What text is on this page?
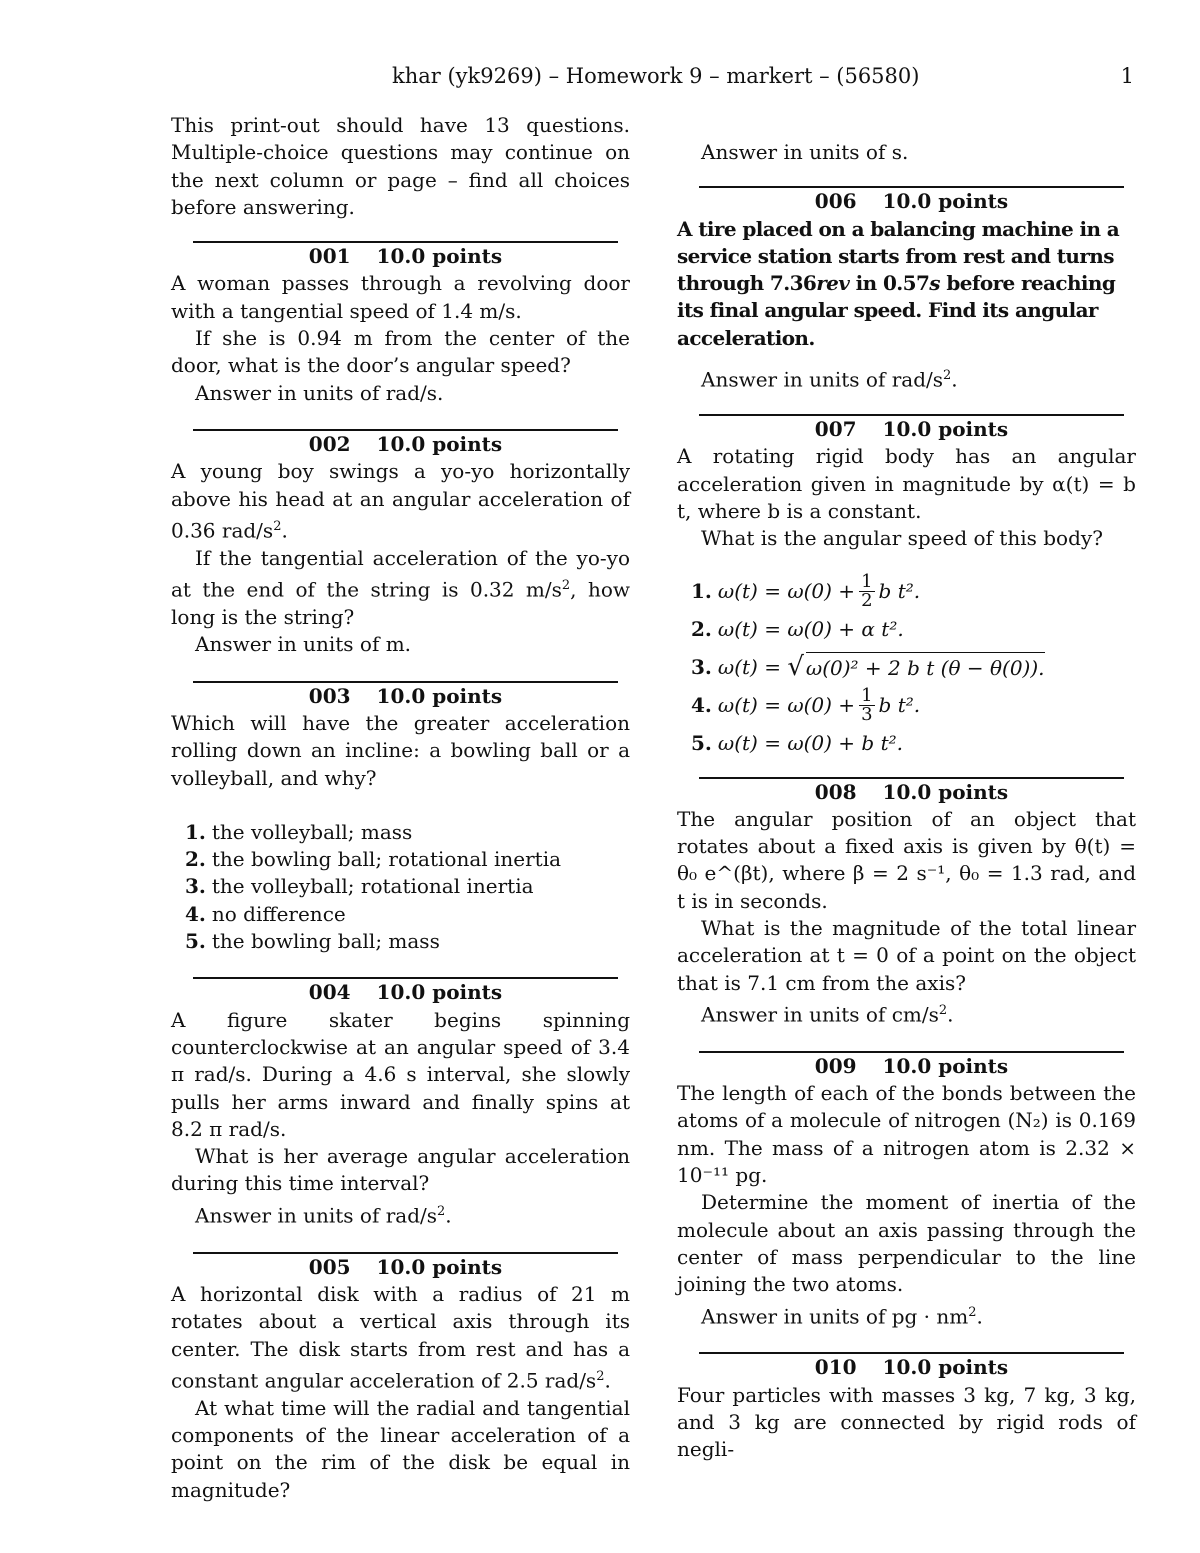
khar (yk9269) – Homework 9 – markert – (56580)	1

This print-out should have 13 questions. Multiple-choice questions may continue on the next column or page – find all choices before answering.

001 10.0 points

A woman passes through a revolving door with a tangential speed of 1.4 m/s.

If she is 0.94 m from the center of the door, what is the door’s angular speed?

Answer in units of rad/s.

002 10.0 points

A young boy swings a yo-yo horizontally above his head at an angular acceleration of 0.36 rad/$s^2$.

If the tangential acceleration of the yo-yo at the end of the string is 0.32 $m/s^2$, how long is the string?

Answer in units of m.

003 10.0 points

Which will have the greater acceleration rolling down an incline: a bowling ball or a volleyball, and why?

1. the volleyball; mass
2. the bowling ball; rotational inertia
3. the volleyball; rotational inertia
4. no difference
5. the bowling ball; mass
004 10.0 points

A figure skater begins spinning counterclockwise at an angular speed of 3.4 π rad/s. During a 4.6 s interval, she slowly pulls her arms inward and finally spins at 8.2 π rad/s.

What is her average angular acceleration during this time interval?

Answer in units of rad/$s^2$.

005 10.0 points

A horizontal disk with a radius of 21 m rotates about a vertical axis through its center. The disk starts from rest and has a constant angular acceleration of 2.5 rad/$s^2$.

At what time will the radial and tangential components of the linear acceleration of a point on the rim of the disk be equal in magnitude?

Answer in units of s.

006 10.0 points

A tire placed on a balancing machine in a service station starts from rest and turns through 7.36rev in 0.57s before reaching its final angular speed. Find its angular acceleration.

Answer in units of rad/$s^2$.

007 10.0 points

A rotating rigid body has an angular acceleration given in magnitude by α(t) = b t, where b is a constant.

What is the angular speed of this body?

1. $\omega(t) = \omega(0) + \frac{1}{2}$ b t².
2. ω(t) = ω(0) + α t².
3. ω(t) =
√ ω(0)² + 2 b t (θ − θ(0)).
4. $\omega(t) = \omega(0) + \frac{1}{3}$ b t².
5. ω(t) = ω(0) + b t².
008 10.0 points

The angular position of an object that rotates about a fixed axis is given by θ(t) = θ₀ e^(βt), where β = 2 s⁻¹, θ₀ = 1.3 rad, and t is in seconds.

What is the magnitude of the total linear acceleration at t = 0 of a point on the object that is 7.1 cm from the axis?

Answer in units of $cm/s^2$.

009 10.0 points

The length of each of the bonds between the atoms of a molecule of nitrogen (N₂) is 0.169 nm. The mass of a nitrogen atom is 2.32 × 10⁻¹¹ pg.

Determine the moment of inertia of the molecule about an axis passing through the center of mass perpendicular to the line joining the two atoms.

Answer in units of pg · $nm^2$.

010 10.0 points

Four particles with masses 3 kg, 7 kg, 3 kg, and 3 kg are connected by rigid rods of negli-
